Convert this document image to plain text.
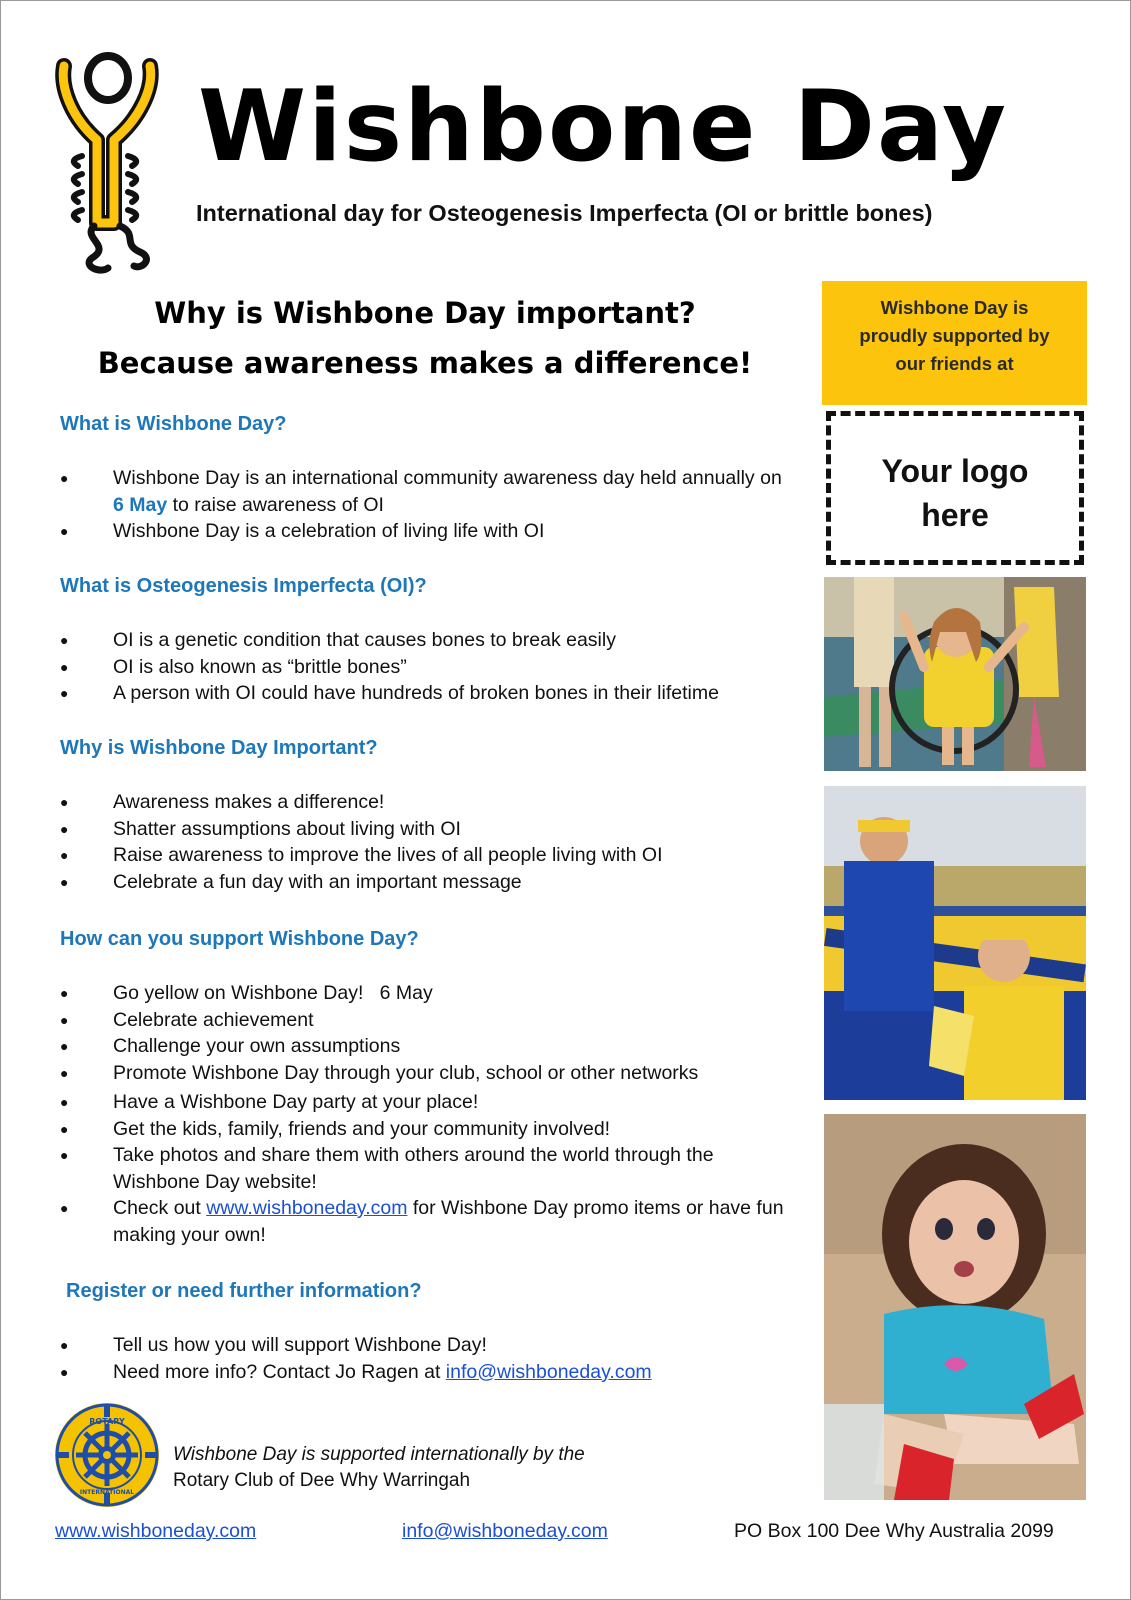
Wishbone Day
International day for Osteogenesis Imperfecta (OI or brittle bones)
Why is Wishbone Day important?
Because awareness makes a difference!
What is Wishbone Day?
● Wishbone Day is an international community awareness day held annually on 6 May to raise awareness of OI
● Wishbone Day is a celebration of living life with OI
What is Osteogenesis Imperfecta (OI)?
● OI is a genetic condition that causes bones to break easily
● OI is also known as “brittle bones”
● A person with OI could have hundreds of broken bones in their lifetime
Why is Wishbone Day Important?
● Awareness makes a difference!
● Shatter assumptions about living with OI
● Raise awareness to improve the lives of all people living with OI
● Celebrate a fun day with an important message
How can you support Wishbone Day?
● Go yellow on Wishbone Day!   6 May
● Celebrate achievement
● Challenge your own assumptions
● Promote Wishbone Day through your club, school or other networks
● Have a Wishbone Day party at your place!
● Get the kids, family, friends and your community involved!
● Take photos and share them with others around the world through the Wishbone Day website!
● Check out www.wishboneday.com for Wishbone Day promo items or have fun making your own!
Register or need further information?
● Tell us how you will support Wishbone Day!
● Need more info? Contact Jo Ragen at info@wishboneday.com
Wishbone Day is
proudly supported by
our friends at
Your logo
here
ROTARY
INTERNATIONAL
Wishbone Day is supported internationally by the
Rotary Club of Dee Why Warringah
www.wishboneday.com	info@wishboneday.com	PO Box 100 Dee Why Australia 2099
